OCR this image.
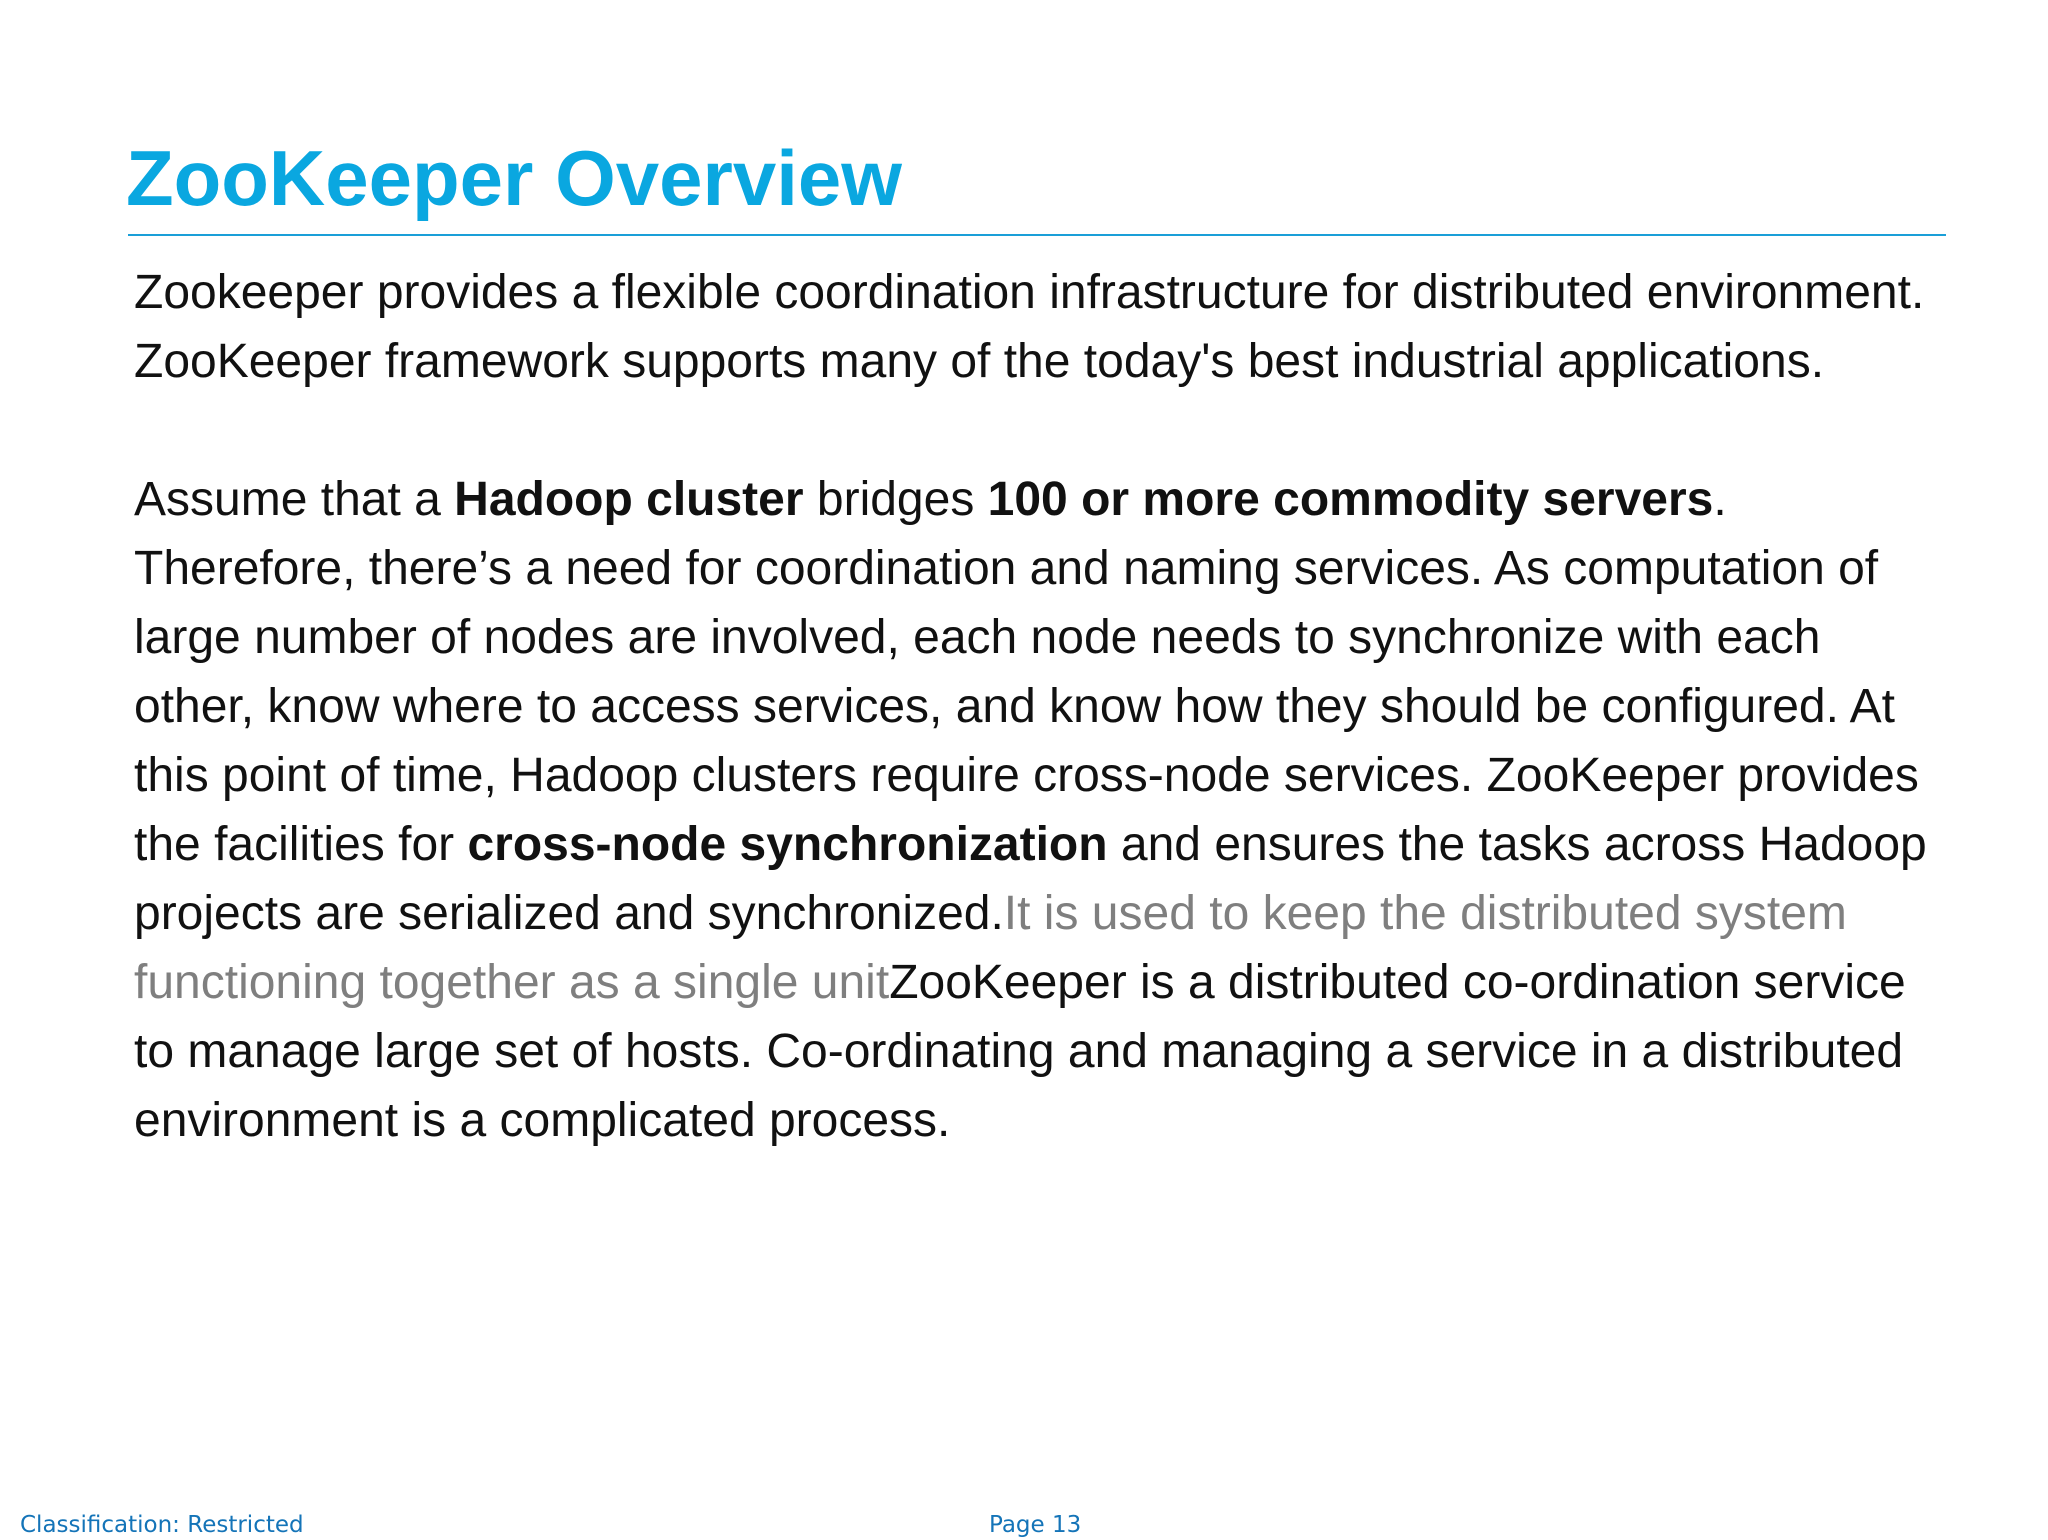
ZooKeeper Overview

Zookeeper provides a flexible coordination infrastructure for distributed environment. ZooKeeper framework supports many of the today's best industrial applications.

Assume that a Hadoop cluster bridges 100 or more commodity servers. Therefore, there’s a need for coordination and naming services. As computation of large number of nodes are involved, each node needs to synchronize with each other, know where to access services, and know how they should be configured. At this point of time, Hadoop clusters require cross-node services. ZooKeeper provides the facilities for cross-node synchronization and ensures the tasks across Hadoop projects are serialized and synchronized.It is used to keep the distributed system functioning together as a single unitZooKeeper is a distributed co-ordination service to manage large set of hosts. Co-ordinating and managing a service in a distributed environment is a complicated process.

Classification: Restricted	Page 13
